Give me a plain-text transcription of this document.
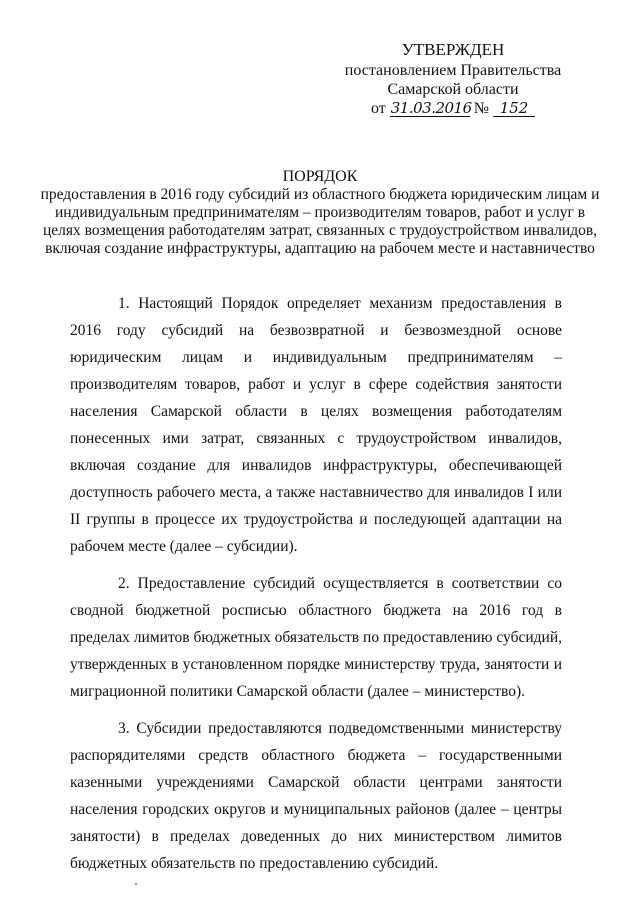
УТВЕРЖДЕН
постановлением Правительства
Самарской области
от 31.03.2016 № 152
ПОРЯДОК
предоставления в 2016 году субсидий из областного бюджета юридическим лицам и индивидуальным предпринимателям – производителям товаров, работ и услуг в целях возмещения работодателям затрат, связанных с трудоустройством инвалидов, включая создание инфраструктуры, адаптацию на рабочем месте и наставничество

1. Настоящий Порядок определяет механизм предоставления в 2016 году субсидий на безвозвратной и безвозмездной основе юридическим лицам и индивидуальным предпринимателям – производителям товаров, работ и услуг в сфере содействия занятости населения Самарской области в целях возмещения работодателям понесенных ими затрат, связанных с трудоустройством инвалидов, включая создание для инвалидов инфраструктуры, обеспечивающей доступность рабочего места, а также наставничество для инвалидов I или II группы в процессе их трудоустройства и последующей адаптации на рабочем месте (далее – субсидии).

2. Предоставление субсидий осуществляется в соответствии со сводной бюджетной росписью областного бюджета на 2016 год в пределах лимитов бюджетных обязательств по предоставлению субсидий, утвержденных в установленном порядке министерству труда, занятости и миграционной политики Самарской области (далее – министерство).

3. Субсидии предоставляются подведомственными министерству распорядителями средств областного бюджета – государственными казенными учреждениями Самарской области центрами занятости населения городских округов и муниципальных районов (далее – центры занятости) в пределах доведенных до них министерством лимитов бюджетных обязательств по предоставлению субсидий.
